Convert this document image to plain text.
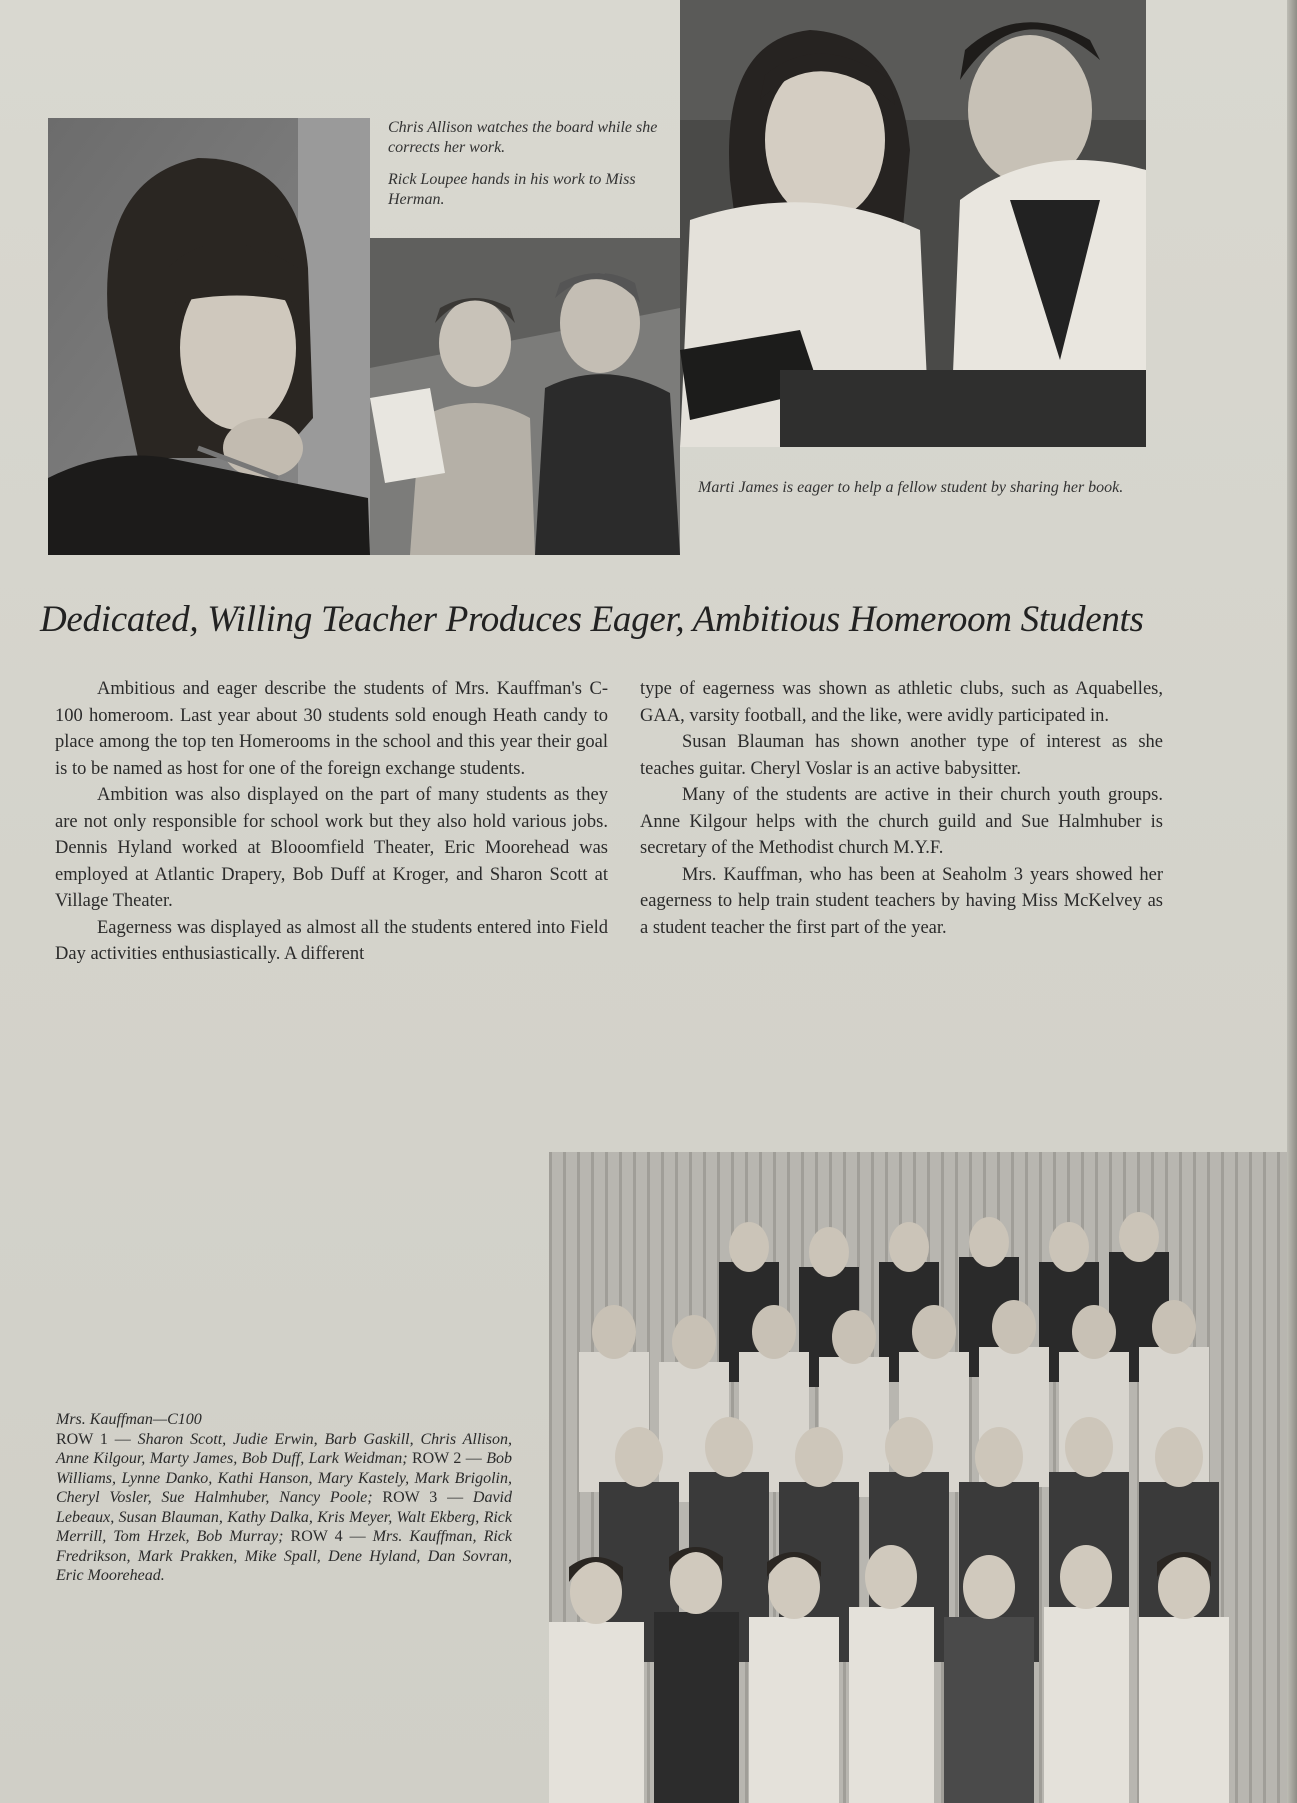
Chris Allison watches the board while she corrects her work.

Rick Loupee hands in his work to Miss Herman.

Marti James is eager to help a fellow student by sharing her book.

Dedicated, Willing Teacher Produces Eager, Ambitious Homeroom Students

Ambitious and eager describe the students of Mrs. Kauffman's C-100 homeroom. Last year about 30 students sold enough Heath candy to place among the top ten Homerooms in the school and this year their goal is to be named as host for one of the foreign exchange students.

Ambition was also displayed on the part of many students as they are not only responsible for school work but they also hold various jobs. Dennis Hyland worked at Blooomfield Theater, Eric Moorehead was employed at Atlantic Drapery, Bob Duff at Kroger, and Sharon Scott at Village Theater.

Eagerness was displayed as almost all the students entered into Field Day activities enthusiastically. A different

type of eagerness was shown as athletic clubs, such as Aquabelles, GAA, varsity football, and the like, were avidly participated in.

Susan Blauman has shown another type of interest as she teaches guitar. Cheryl Voslar is an active babysitter.

Many of the students are active in their church youth groups. Anne Kilgour helps with the church guild and Sue Halmhuber is secretary of the Methodist church M.Y.F.

Mrs. Kauffman, who has been at Seaholm 3 years showed her eagerness to help train student teachers by having Miss McKelvey as a student teacher the first part of the year.

Mrs. Kauffman—C100
ROW 1 — Sharon Scott, Judie Erwin, Barb Gaskill, Chris Allison, Anne Kilgour, Marty James, Bob Duff, Lark Weidman; ROW 2 — Bob Williams, Lynne Danko, Kathi Hanson, Mary Kastely, Mark Brigolin, Cheryl Vosler, Sue Halmhuber, Nancy Poole; ROW 3 — David Lebeaux, Susan Blauman, Kathy Dalka, Kris Meyer, Walt Ekberg, Rick Merrill, Tom Hrzek, Bob Murray; ROW 4 — Mrs. Kauffman, Rick Fredrikson, Mark Prakken, Mike Spall, Dene Hyland, Dan Sovran, Eric Moorehead.
